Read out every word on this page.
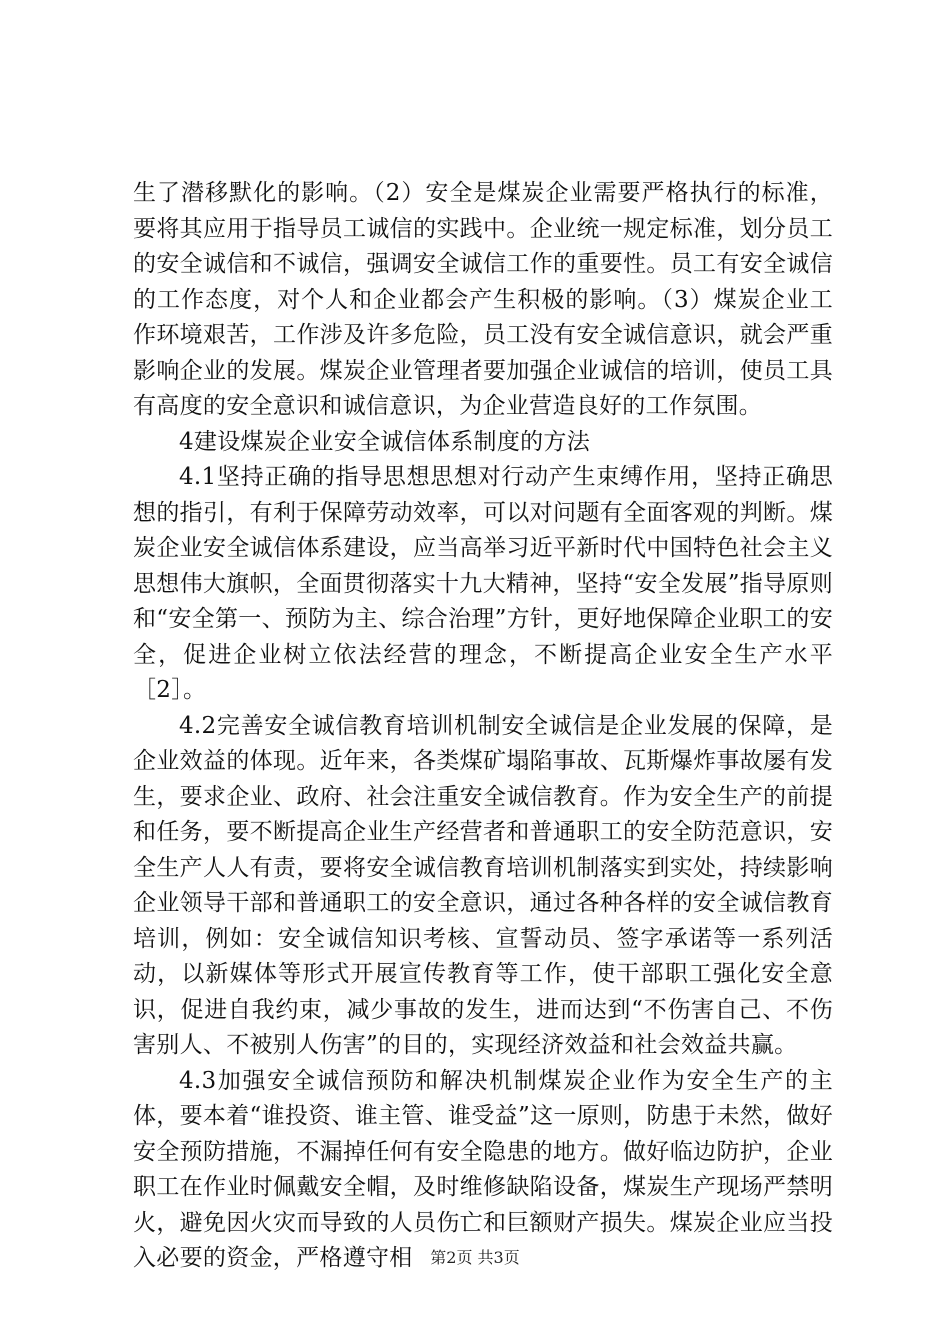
生了潜移默化的影响。（2）安全是煤炭企业需要严格执行的标准，要将其应用于指导员工诚信的实践中。企业统一规定标准，划分员工的安全诚信和不诚信，强调安全诚信工作的重要性。员工有安全诚信的工作态度，对个人和企业都会产生积极的影响。（3）煤炭企业工作环境艰苦，工作涉及许多危险，员工没有安全诚信意识，就会严重影响企业的发展。煤炭企业管理者要加强企业诚信的培训，使员工具有高度的安全意识和诚信意识，为企业营造良好的工作氛围。

4建设煤炭企业安全诚信体系制度的方法

4.1坚持正确的指导思想思想对行动产生束缚作用，坚持正确思想的指引，有利于保障劳动效率，可以对问题有全面客观的判断。煤炭企业安全诚信体系建设，应当高举习近平新时代中国特色社会主义思想伟大旗帜，全面贯彻落实十九大精神，坚持“安全发展”指导原则和“安全第一、预防为主、综合治理”方针，更好地保障企业职工的安全，促进企业树立依法经营的理念，不断提高企业安全生产水平［2］。

4.2完善安全诚信教育培训机制安全诚信是企业发展的保障，是企业效益的体现。近年来，各类煤矿塌陷事故、瓦斯爆炸事故屡有发生，要求企业、政府、社会注重安全诚信教育。作为安全生产的前提和任务，要不断提高企业生产经营者和普通职工的安全防范意识，安全生产人人有责，要将安全诚信教育培训机制落实到实处，持续影响企业领导干部和普通职工的安全意识，通过各种各样的安全诚信教育培训，例如：安全诚信知识考核、宣誓动员、签字承诺等一系列活动，以新媒体等形式开展宣传教育等工作，使干部职工强化安全意识，促进自我约束，减少事故的发生，进而达到“不伤害自己、不伤害别人、不被别人伤害”的目的，实现经济效益和社会效益共赢。

4.3加强安全诚信预防和解决机制煤炭企业作为安全生产的主体，要本着“谁投资、谁主管、谁受益”这一原则，防患于未然，做好安全预防措施，不漏掉任何有安全隐患的地方。做好临边防护，企业职工在作业时佩戴安全帽，及时维修缺陷设备，煤炭生产现场严禁明火，避免因火灾而导致的人员伤亡和巨额财产损失。煤炭企业应当投入必要的资金，严格遵守相	第2页 共3页
